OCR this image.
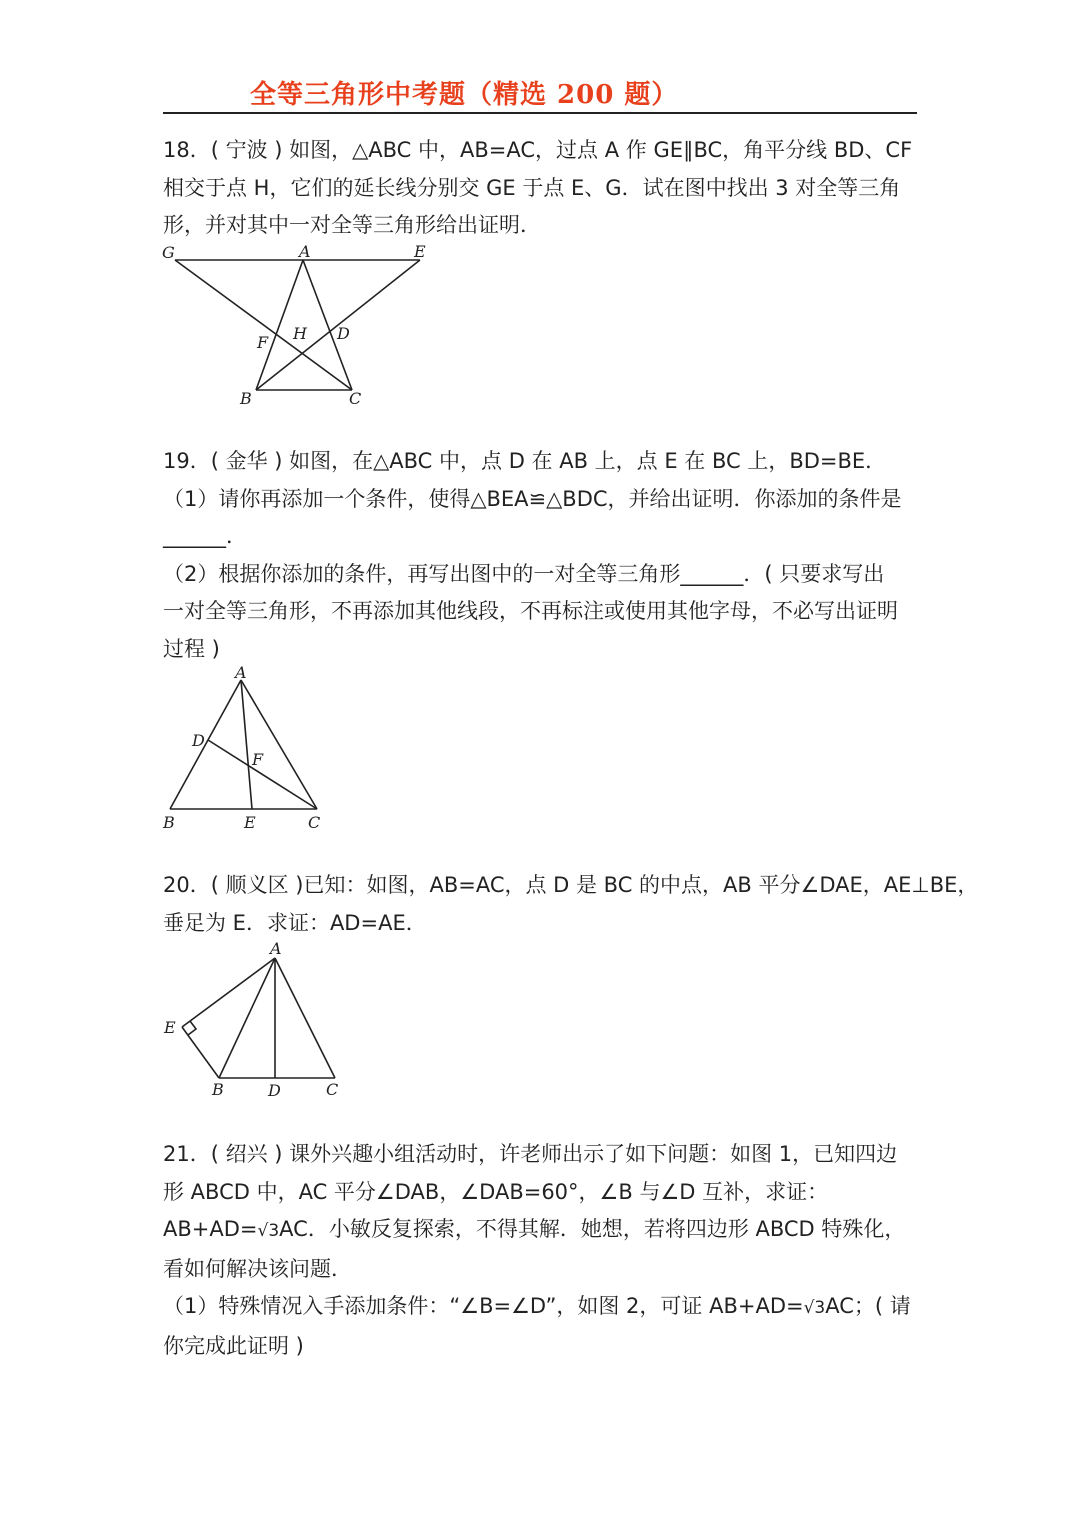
全等三角形中考题（精选 200 题）
18．( 宁波 ) 如图，△ABC 中，AB=AC，过点 A 作 GE∥BC，角平分线 BD、CF
相交于点 H，它们的延长线分别交 GE 于点 E、G．试在图中找出 3 对全等三角
形，并对其中一对全等三角形给出证明．
G	A	E
F H D
B	C
19．( 金华 ) 如图，在△ABC 中，点 D 在 AB 上，点 E 在 BC 上，BD=BE．
（1）请你再添加一个条件，使得△BEA≌△BDC，并给出证明．你添加的条件是
______．
（2）根据你添加的条件，再写出图中的一对全等三角形______．( 只要求写出
一对全等三角形，不再添加其他线段，不再标注或使用其他字母，不必写出证明
过程 )
A
D
F
B	E	C
20．( 顺义区 )已知：如图，AB=AC，点 D 是 BC 的中点，AB 平分∠DAE，AE⊥BE，
垂足为 E．求证：AD=AE．
A
E
B	D	C
21．( 绍兴 ) 课外兴趣小组活动时，许老师出示了如下问题：如图 1，已知四边
形 ABCD 中，AC 平分∠DAB，∠DAB=60°，∠B 与∠D 互补，求证：
AB+AD=√3AC．小敏反复探索，不得其解．她想，若将四边形 ABCD 特殊化，
看如何解决该问题．
（1）特殊情况入手添加条件：“∠B=∠D”，如图 2，可证 AB+AD=√3AC；( 请
你完成此证明 )
